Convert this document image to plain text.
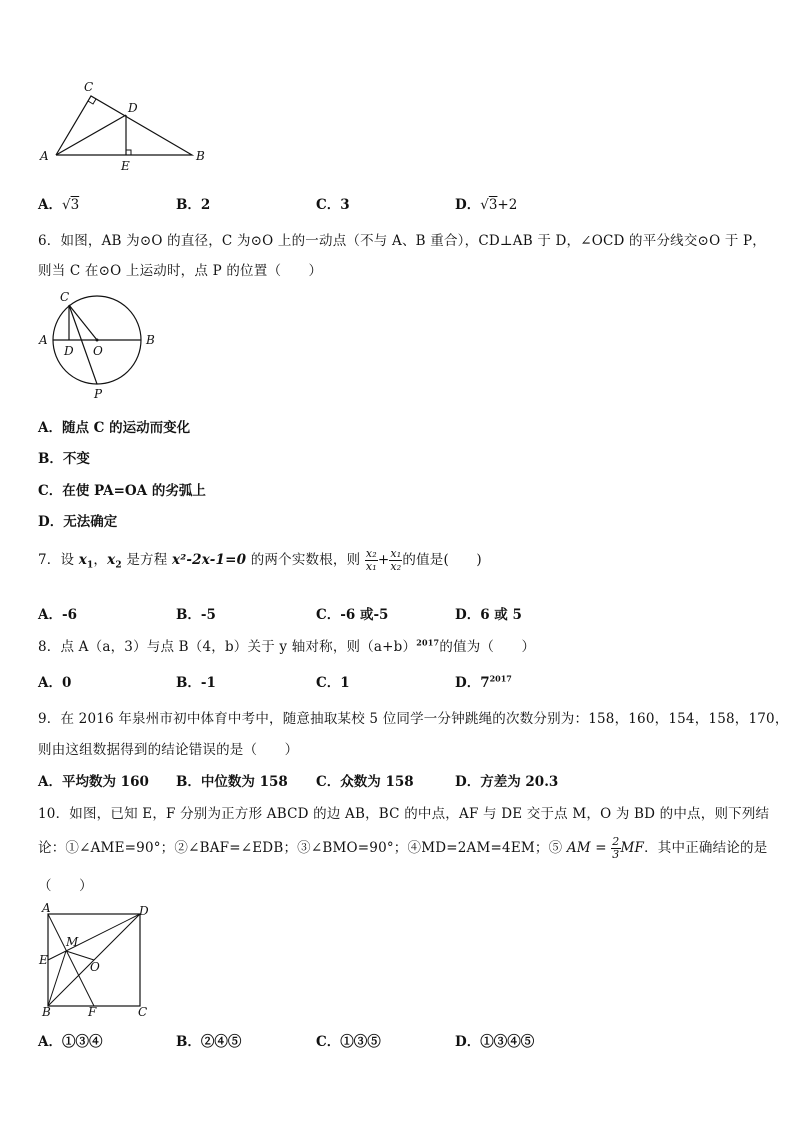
C
D
A	B
E
A．√3	B．2	C．3	D．√3+2
6．如图，AB 为⊙O 的直径，C 为⊙O 上的一动点（不与 A、B 重合），CD⊥AB 于 D，∠OCD 的平分线交⊙O 于 P，
则当 C 在⊙O 上运动时，点 P 的位置（　　）
C
A	B
D O
P
A．随点 C 的运动而变化
B．不变
C．在使 PA=OA 的劣弧上
D．无法确定
7．设 $x_1$，$x_2$ 是方程 x²-2x-1=0 的两个实数根，则 $\frac{\text{x₂}}{\text{x₁}} + \frac{\text{x₁}}{\text{x₂}}$ 的值是(　　)
A．-6	B．-5	C．-6 或-5	D．6 或 5
8．点 A（a，3）与点 B（4，b）关于 y 轴对称，则$(a+b)^{2017}$的值为（　　）
A．0	B．-1	C．1	D．$7^{2017}$
9．在 2016 年泉州市初中体育中考中，随意抽取某校 5 位同学一分钟跳绳的次数分别为：158，160，154，158，170，
则由这组数据得到的结论错误的是（　　）
A．平均数为 160 B．中位数为 158 C．众数为 158	D．方差为 20.3
10．如图，已知 E，F 分别为正方形 ABCD 的边 AB，BC 的中点，AF 与 DE 交于点 M，O 为 BD 的中点，则下列结
论：①∠AME=90°；②∠BAF=∠EDB；③∠BMO=90°；④MD=2AM=4EM；⑤ AM = $\frac{2}{3}$ MF．其中正确结论的是
（　　）
A	D
E
M
O
B	F	C
A．①③④	B．②④⑤	C．①③⑤	D．①③④⑤
